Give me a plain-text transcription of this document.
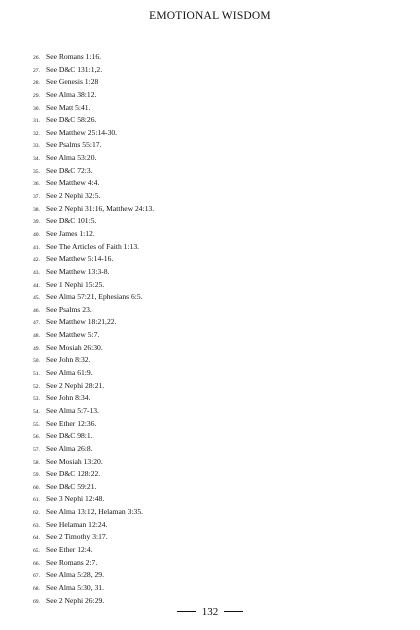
EMOTIONAL WISDOM
26. See Romans 1:16.
27. See D&C 131:1,2.
28. See Genesis 1:28
29. See Alma 38:12.
30. See Matt 5:41.
31. See D&C 58:26.
32. See Matthew 25:14-30.
33. See Psalms 55:17.
34. See Alma 53:20.
35. See D&C 72:3.
36. See Matthew 4:4.
37. See 2 Nephi 32:5.
38. See 2 Nephi 31:16, Matthew 24:13.
39. See D&C 101:5.
40. See James 1:12.
41. See The Articles of Faith 1:13.
42. See Matthew 5:14-16.
43. See Matthew 13:3-8.
44. See 1 Nephi 15:25.
45. See Alma 57:21, Ephesians 6:5.
46. See Psalms 23.
47. See Matthew 18:21,22.
48. See Matthew 5:7.
49. See Mosiah 26:30.
50. See John 8:32.
51. See Alma 61:9.
52. See 2 Nephi 28:21.
53. See John 8:34.
54. See Alma 5:7-13.
55. See Ether 12:36.
56. See D&C 98:1.
57. See Alma 26:8.
58. See Mosiah 13:20.
59. See D&C 128:22.
60. See D&C 59:21.
61. See 3 Nephi 12:48.
62. See Alma 13:12, Helaman 3:35.
63. See Helaman 12:24.
64. See 2 Timothy 3:17.
65. See Ether 12:4.
66. See Romans 2:7.
67. See Alma 5:28, 29.
68. See Alma 5:30, 31.
69. See 2 Nephi 26:29.
132
